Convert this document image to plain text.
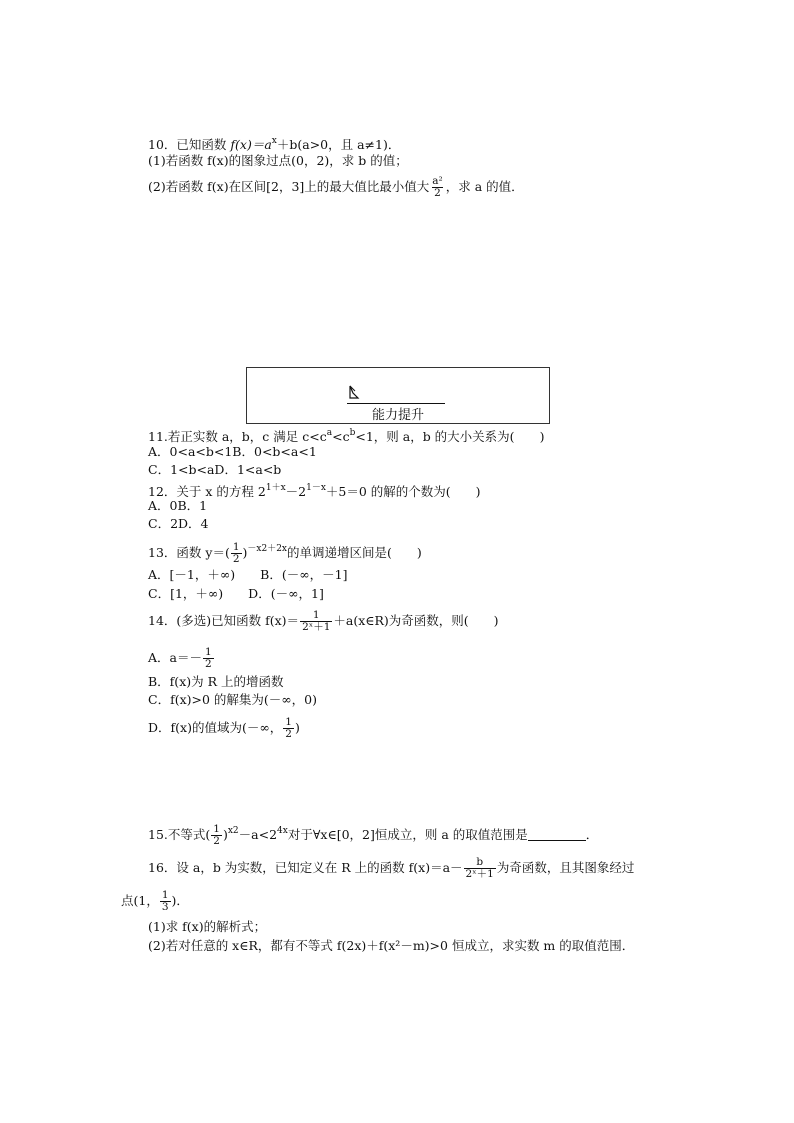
10．已知函数 $f(x)=a^x+b(a>0$，且 a≠1)．
(1)若函数 f(x)的图象过点(0，2)，求 b 的值；
(2)若函数 f(x)在区间[2，3]上的最大值比最小值大 $\frac{\text{a²}}{2}$ ，求 a 的值．
能力提升
11.若正实数 a，b，c 满足 $c<c^a<c^b<1$，则 a，b 的大小关系为(　　)
A．0<a<b<1B．0<b<a<1
C．1<b<aD．1<a<b
12．关于 x 的方程 $2^{1+x}-2^{1-x}+5=0$ 的解的个数为(　　)
A．0B．1
C．2D．4
13．函数 $y=( \frac{1}{2} )^{-x2+2x}$的单调递增区间是(　　)
A．[－1，＋∞)　　B．(－∞，－1]
C．[1，＋∞)　　D．(－∞，1]
14．(多选)已知函数 $f(x)= \frac{1}{\text{2ˣ＋1}}$ ＋a(x∈R)为奇函数，则(　　)
A．$a=- \frac{1}{2}$
B．f(x)为 R 上的增函数
C．f(x)>0 的解集为(－∞，0)
D．f(x)的值域为(－∞， $\frac{1}{2}$ )
15.不等式( $\frac{1}{2} )^{x2}-a<2^{4x}$对于∀x∈[0，2]恒成立，则 a 的取值范围是	．
16．设 a，b 为实数，已知定义在 R 上的函数 $f(x)=a- \frac{b}{\text{2ˣ＋1}}$ 为奇函数，且其图象经过
点(1， $\frac{1}{3}$ )．
(1)求 f(x)的解析式；
(2)若对任意的 x∈R，都有不等式 f(2x)＋f(x²－m)>0 恒成立，求实数 m 的取值范围．
